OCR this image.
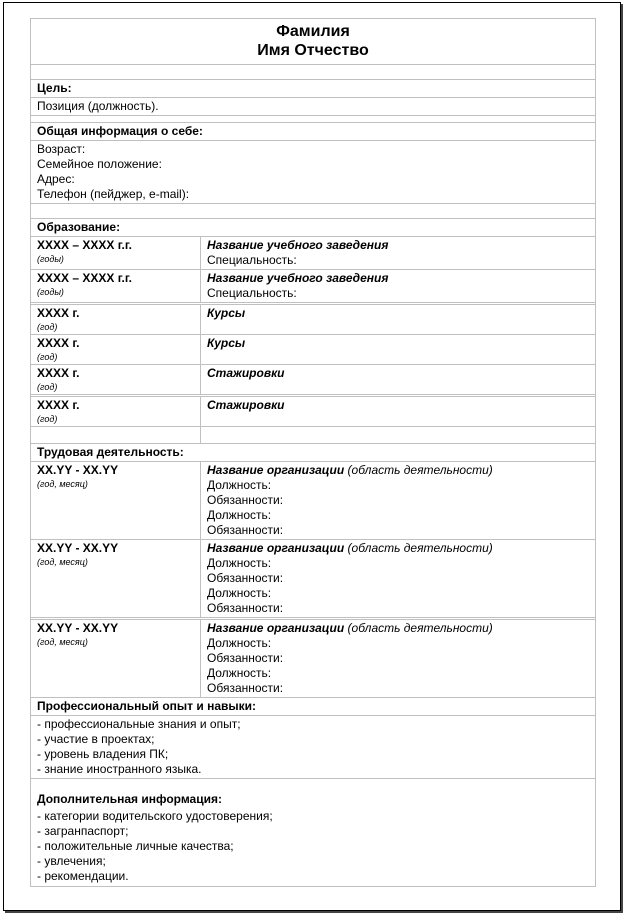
Фамилия
Имя Отчество
Цель:
Позиция (должность).
Общая информация о себе:
Возраст:
Семейное положение:
Адрес:
Телефон (пейджер, e-mail):
Образование:
XXXX – XXXX г.г.
(годы)
Название учебного заведения
Специальность:
XXXX – XXXX г.г.
(годы)
Название учебного заведения
Специальность:
XXXX г.
(год)
Курсы
XXXX г.
(год)
Курсы
XXXX г.
(год)
Стажировки
XXXX г.
(год)
Стажировки
Трудовая деятельность:
XX.YY - XX.YY
(год, месяц)
Название организации (область деятельности)
Должность:
Обязанности:
Должность:
Обязанности:
XX.YY - XX.YY
(год, месяц)
Название организации (область деятельности)
Должность:
Обязанности:
Должность:
Обязанности:
XX.YY - XX.YY
(год, месяц)
Название организации (область деятельности)
Должность:
Обязанности:
Должность:
Обязанности:
Профессиональный опыт и навыки:
- профессиональные знания и опыт;
- участие в проектах;
- уровень владения ПК;
- знание иностранного языка.
Дополнительная информация:
- категории водительского удостоверения;
- загранпаспорт;
- положительные личные качества;
- увлечения;
- рекомендации.
